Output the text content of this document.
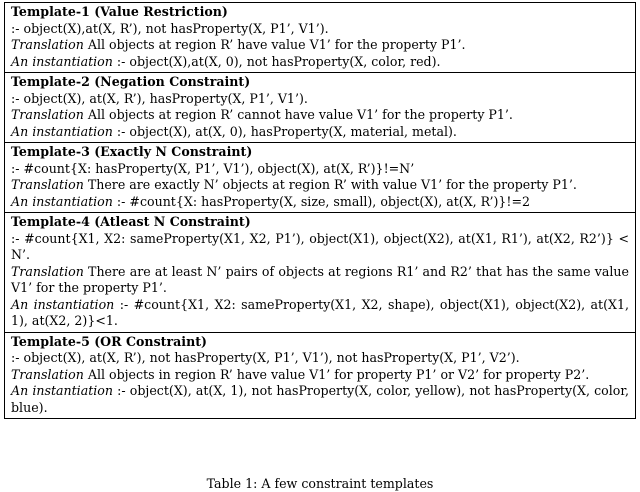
Template-1 (Value Restriction)
:- object(X),at(X, R’), not hasProperty(X, P1’, V1’).
Translation All objects at region R’ have value V1’ for the property P1’.
An instantiation :- object(X),at(X, 0), not hasProperty(X, color, red).

Template-2 (Negation Constraint)
:- object(X), at(X, R’), hasProperty(X, P1’, V1’).
Translation All objects at region R’ cannot have value V1’ for the property P1’.
An instantiation :- object(X), at(X, 0), hasProperty(X, material, metal).

Template-3 (Exactly N Constraint)
:- #count{X: hasProperty(X, P1’, V1’), object(X), at(X, R’)}!=N’
Translation There are exactly N’ objects at region R’ with value V1’ for the property P1’.
An instantiation :- #count{X: hasProperty(X, size, small), object(X), at(X, R’)}!=2

Template-4 (Atleast N Constraint)
:- #count{X1, X2: sameProperty(X1, X2, P1’), object(X1), object(X2), at(X1, R1’), at(X2, R2’)} < N’.
Translation There are at least N’ pairs of objects at regions R1’ and R2’ that has the same value V1’ for the property P1’.
An instantiation :- #count{X1, X2: sameProperty(X1, X2, shape), object(X1), object(X2), at(X1, 1), at(X2, 2)}<1.

Template-5 (OR Constraint)
:- object(X), at(X, R’), not hasProperty(X, P1’, V1’), not hasProperty(X, P1’, V2’).
Translation All objects in region R’ have value V1’ for property P1’ or V2’ for property P2’.
An instantiation :- object(X), at(X, 1), not hasProperty(X, color, yellow), not hasProperty(X, color, blue).
Table 1: A few constraint templates
